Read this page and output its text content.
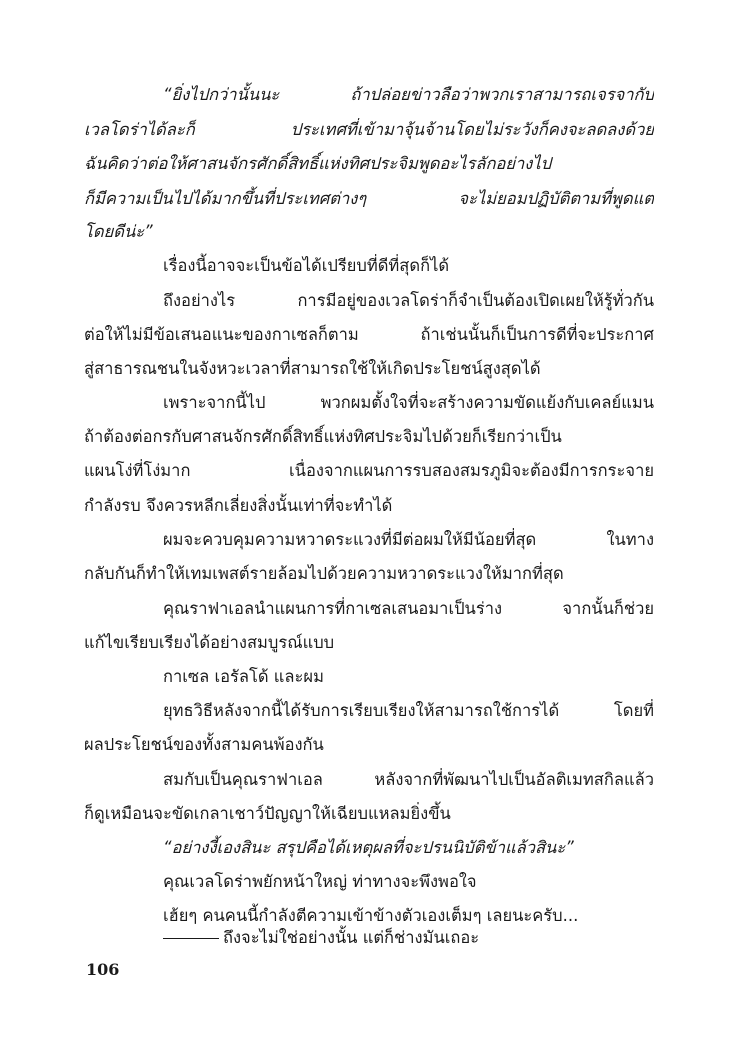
“ยิ่งไปกว่านั้นนะ ถ้าปล่อยข่าวลือว่าพวกเราสามารถเจรจากับ
เวลโดร่าได้ละก็ ประเทศที่เข้ามาจุ้นจ้านโดยไม่ระวังก็คงจะลดลงด้วย
ฉันคิดว่าต่อให้ศาสนจักรศักดิ์สิทธิ์แห่งทิศประจิมพูดอะไรลักอย่างไป
ก็มีความเป็นไปได้มากขึ้นที่ประเทศต่างๆ จะไม่ยอมปฏิบัติตามที่พูดแต่
โดยดีน่ะ”
เรื่องนี้อาจจะเป็นข้อได้เปรียบที่ดีที่สุดก็ได้
ถึงอย่างไร การมีอยู่ของเวลโดร่าก็จำเป็นต้องเปิดเผยให้รู้ทั่วกัน
ต่อให้ไม่มีข้อเสนอแนะของกาเซลก็ตาม ถ้าเช่นนั้นก็เป็นการดีที่จะประกาศ
สู่สาธารณชนในจังหวะเวลาที่สามารถใช้ให้เกิดประโยชน์สูงสุดได้
เพราะจากนี้ไป พวกผมตั้งใจที่จะสร้างความขัดแย้งกับเคลย์แมน
ถ้าต้องต่อกรกับศาสนจักรศักดิ์สิทธิ์แห่งทิศประจิมไปด้วยก็เรียกว่าเป็น
แผนโง่ที่โง่มาก เนื่องจากแผนการรบสองสมรภูมิจะต้องมีการกระจาย
กำลังรบ จึงควรหลีกเลี่ยงสิ่งนั้นเท่าที่จะทำได้
ผมจะควบคุมความหวาดระแวงที่มีต่อผมให้มีน้อยที่สุด ในทาง
กลับกันก็ทำให้เทมเพสต์รายล้อมไปด้วยความหวาดระแวงให้มากที่สุด
คุณราฟาเอลนำแผนการที่กาเซลเสนอมาเป็นร่าง จากนั้นก็ช่วย
แก้ไขเรียบเรียงได้อย่างสมบูรณ์แบบ
กาเซล เอรัลโด้ และผม
ยุทธวิธีหลังจากนี้ได้รับการเรียบเรียงให้สามารถใช้การได้ โดยที่
ผลประโยชน์ของทั้งสามคนพ้องกัน
สมกับเป็นคุณราฟาเอล หลังจากที่พัฒนาไปเป็นอัลติเมทสกิลแล้ว
ก็ดูเหมือนจะขัดเกลาเชาว์ปัญญาให้เฉียบแหลมยิ่งขึ้น
“อย่างงี้เองสินะ สรุปคือได้เหตุผลที่จะปรนนิบัติข้าแล้วสินะ”
คุณเวลโดร่าพยักหน้าใหญ่ ท่าทางจะพึงพอใจ
เฮ้ยๆ คนคนนี้กำลังตีความเข้าข้างตัวเองเต็มๆ เลยนะครับ...
ถึงจะไม่ใช่อย่างนั้น แต่ก็ช่างมันเถอะ
106
